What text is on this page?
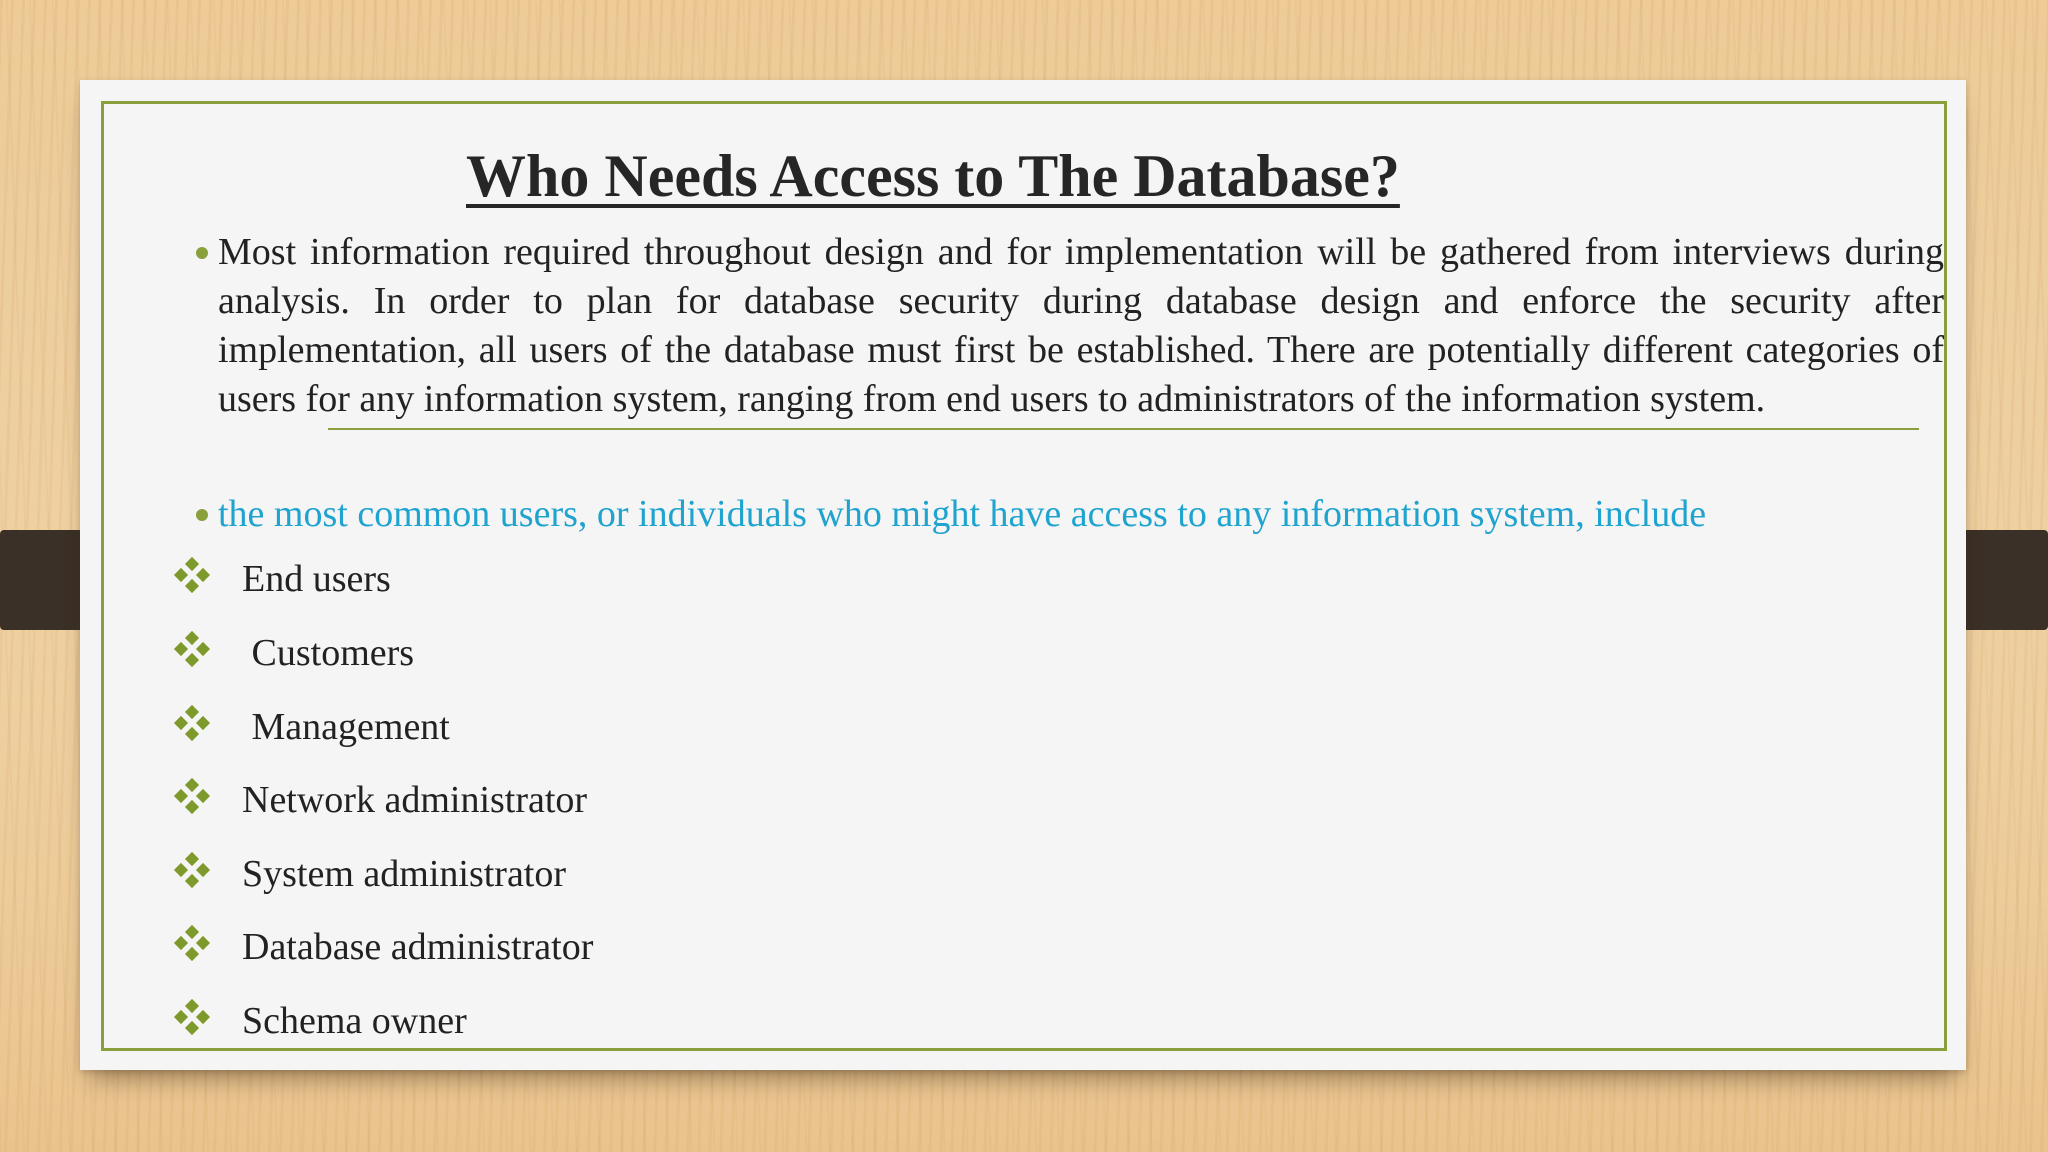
Who Needs Access to The Database?

Most information required throughout design and for implementation will be gathered from interviews during analysis. In order to plan for database security during database design and enforce the security after implementation, all users of the database must first be established. There are potentially different categories of users for any information system, ranging from end users to administrators of the information system.

the most common users, or individuals who might have access to any information system, include

End users
Customers
Management
Network administrator
System administrator
Database administrator
Schema owner
